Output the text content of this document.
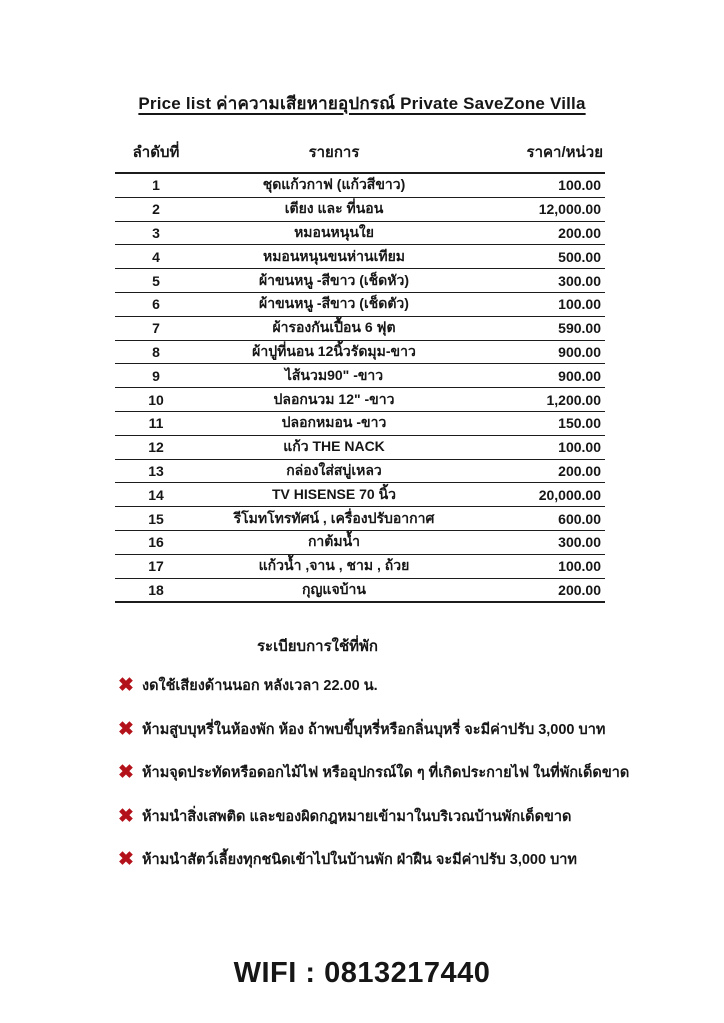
Price list ค่าความเสียหายอุปกรณ์ Private SaveZone Villa
ลำดับที่	รายการ	ราคา/หน่วย
1	ชุดแก้วกาฟ (แก้วสีขาว)	100.00
2	เตียง และ ที่นอน	12,000.00
3	หมอนหนุนใย	200.00
4	หมอนหนุนขนห่านเทียม	500.00
5	ผ้าขนหนู -สีขาว (เช็ดหัว)	300.00
6	ผ้าขนหนู -สีขาว (เช็ดตัว)	100.00
7	ผ้ารองกันเปื้อน 6 ฟุต	590.00
8	ผ้าปูที่นอน 12นิ้วรัดมุม-ขาว	900.00
9	ไส้นวม90" -ขาว	900.00
10	ปลอกนวม 12" -ขาว	1,200.00
11	ปลอกหมอน -ขาว	150.00
12	แก้ว THE NACK	100.00
13	กล่องใส่สบู่เหลว	200.00
14	TV HISENSE 70 นิ้ว	20,000.00
15	รีโมทโทรทัศน์ , เครื่องปรับอากาศ	600.00
16	กาต้มน้ำ	300.00
17	แก้วน้ำ ,จาน , ชาม , ถ้วย	100.00
18	กุญแจบ้าน	200.00
ระเบียบการใช้ที่พัก
✖ งดใช้เสียงด้านนอก หลังเวลา 22.00 น.
✖ ห้ามสูบบุหรี่ในห้องพัก ห้อง ถ้าพบขี้บุหรี่หรือกลิ่นบุหรี่ จะมีค่าปรับ 3,000 บาท
✖ ห้ามจุดประทัดหรือดอกไม้ไฟ หรืออุปกรณ์ใด ๆ ที่เกิดประกายไฟ ในที่พักเด็ดขาด
✖ ห้ามนำสิ่งเสพติด และของผิดกฎหมายเข้ามาในบริเวณบ้านพักเด็ดขาด
✖ ห้ามนำสัตว์เลี้ยงทุกชนิดเข้าไปในบ้านพัก ฝ่าฝืน จะมีค่าปรับ 3,000 บาท
WIFI : 0813217440
